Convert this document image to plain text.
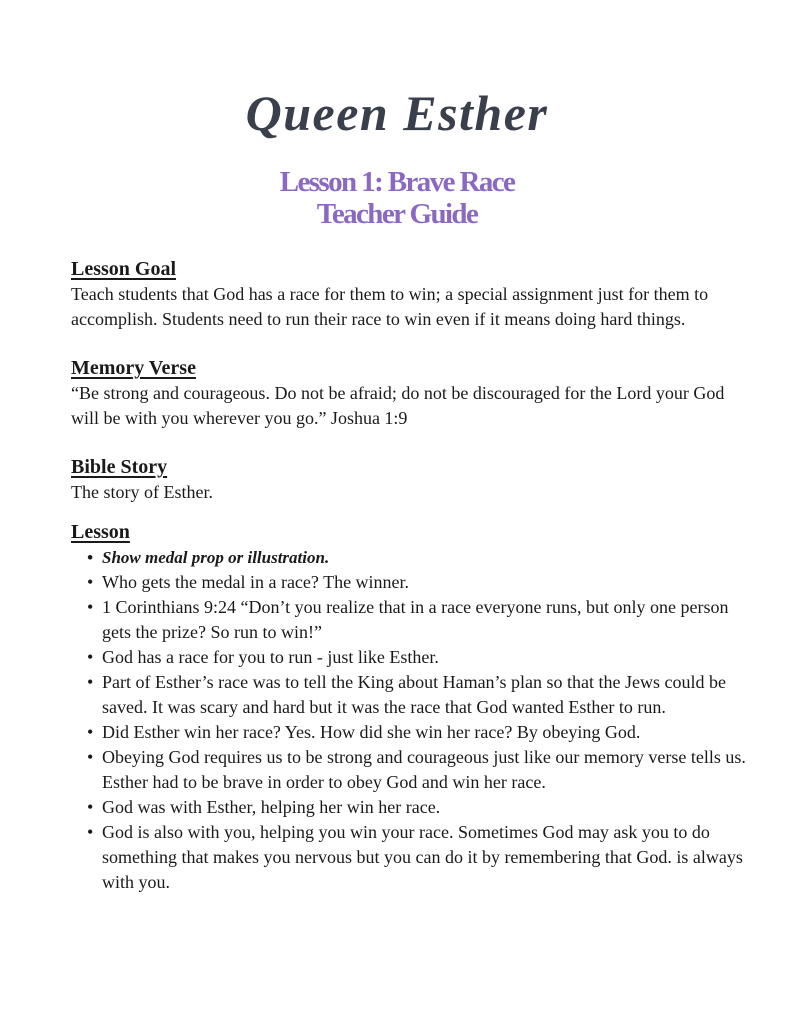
Queen Esther
Lesson 1: Brave Race
Teacher Guide
Lesson Goal

Teach students that God has a race for them to win; a special assignment just for them to accomplish. Students need to run their race to win even if it means doing hard things.

Memory Verse

“Be strong and courageous. Do not be afraid; do not be discouraged for the Lord your God will be with you wherever you go.” Joshua 1:9

Bible Story

The story of Esther.

Lesson
• Show medal prop or illustration.
• Who gets the medal in a race? The winner.
• 1 Corinthians 9:24 “Don’t you realize that in a race everyone runs, but only one person gets the prize? So run to win!”
• God has a race for you to run - just like Esther.
• Part of Esther’s race was to tell the King about Haman’s plan so that the Jews could be saved. It was scary and hard but it was the race that God wanted Esther to run.
• Did Esther win her race? Yes. How did she win her race? By obeying God.
• Obeying God requires us to be strong and courageous just like our memory verse tells us. Esther had to be brave in order to obey God and win her race.
• God was with Esther, helping her win her race.
• God is also with you, helping you win your race. Sometimes God may ask you to do something that makes you nervous but you can do it by remembering that God. is always with you.
